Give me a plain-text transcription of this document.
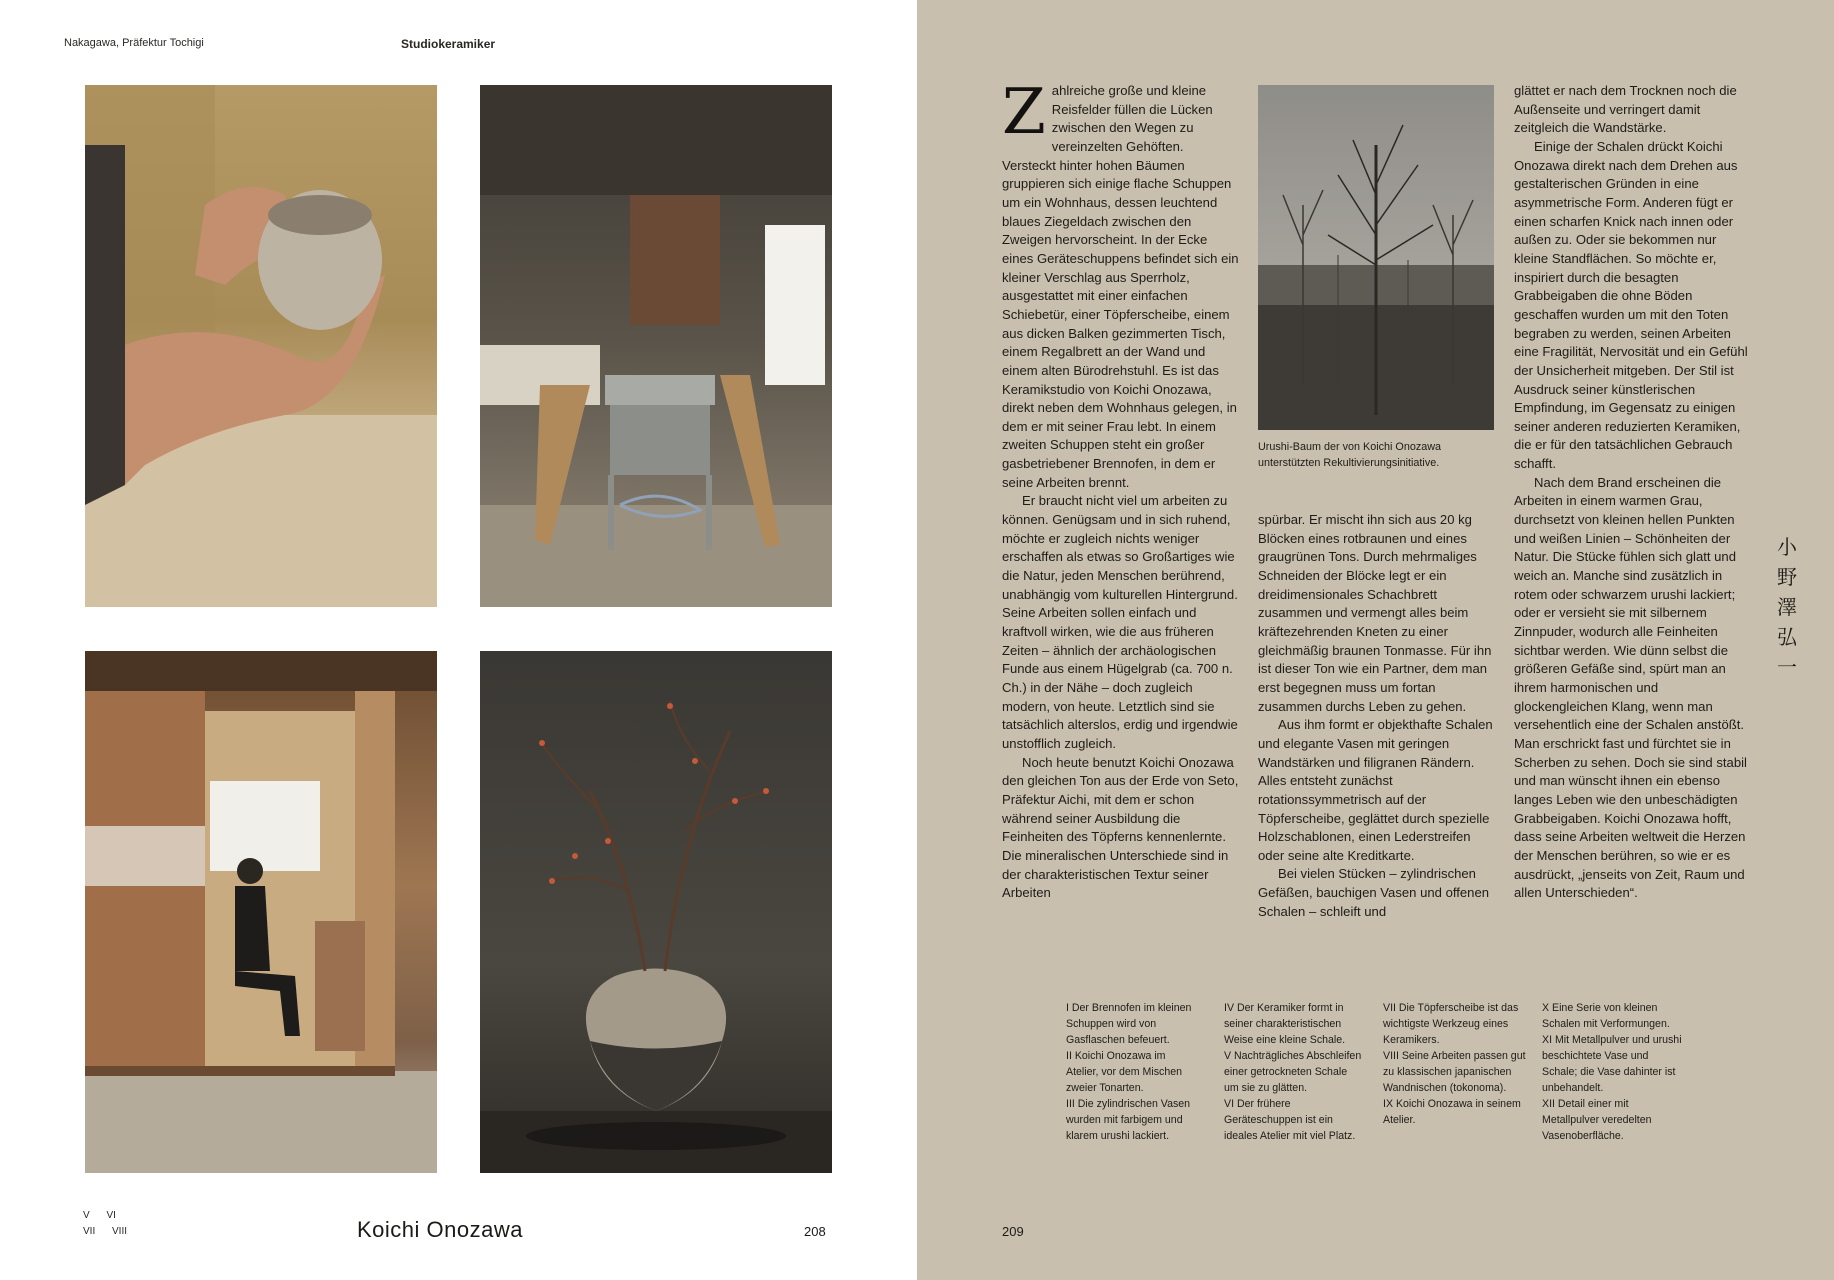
Nakagawa, Präfektur Tochigi	Studiokeramiker
V VI
VII VIII	Koichi Onozawa	208

Zahlreiche große und kleine Reisfelder füllen die Lücken zwischen den Wegen zu vereinzelten Gehöften. Versteckt hinter hohen Bäumen gruppieren sich einige flache Schuppen um ein Wohnhaus, dessen leuchtend blaues Ziegeldach zwischen den Zweigen hervorscheint. In der Ecke eines Geräteschuppens befindet sich ein kleiner Verschlag aus Sperrholz, ausgestattet mit einer einfachen Schiebetür, einer Töpferscheibe, einem aus dicken Balken gezimmerten Tisch, einem Regalbrett an der Wand und einem alten Bürodrehstuhl. Es ist das Keramikstudio von Koichi Onozawa, direkt neben dem Wohnhaus gelegen, in dem er mit seiner Frau lebt. In einem zweiten Schuppen steht ein großer gasbetriebener Brennofen, in dem er seine Arbeiten brennt.

Er braucht nicht viel um arbeiten zu können. Genügsam und in sich ruhend, möchte er zugleich nichts weniger erschaffen als etwas so Großartiges wie die Natur, jeden Menschen berührend, unabhängig vom kulturellen Hintergrund. Seine Arbeiten sollen einfach und kraftvoll wirken, wie die aus früheren Zeiten – ähnlich der archäologischen Funde aus einem Hügelgrab (ca. 700 n. Ch.) in der Nähe – doch zugleich modern, von heute. Letztlich sind sie tatsächlich alterslos, erdig und irgendwie unstofflich zugleich.

Noch heute benutzt Koichi Onozawa den gleichen Ton aus der Erde von Seto, Präfektur Aichi, mit dem er schon während seiner Ausbildung die Feinheiten des Töpferns kennenlernte. Die mineralischen Unterschiede sind in der charakteristischen Textur seiner Arbeiten

Urushi-Baum der von Koichi Onozawa unterstützten Rekultivierungsinitiative.

spürbar. Er mischt ihn sich aus 20 kg Blöcken eines rotbraunen und eines graugrünen Tons. Durch mehrmaliges Schneiden der Blöcke legt er ein dreidimensionales Schachbrett zusammen und vermengt alles beim kräftezehrenden Kneten zu einer gleichmäßig braunen Tonmasse. Für ihn ist dieser Ton wie ein Partner, dem man erst begegnen muss um fortan zusammen durchs Leben zu gehen.

Aus ihm formt er objekthafte Schalen und elegante Vasen mit geringen Wandstärken und filigranen Rändern. Alles entsteht zunächst rotationssymmetrisch auf der Töpferscheibe, geglättet durch spezielle Holzschablonen, einen Lederstreifen oder seine alte Kreditkarte.

Bei vielen Stücken – zylindrischen Gefäßen, bauchigen Vasen und offenen Schalen – schleift und

glättet er nach dem Trocknen noch die Außenseite und verringert damit zeitgleich die Wandstärke.

Einige der Schalen drückt Koichi Onozawa direkt nach dem Drehen aus gestalterischen Gründen in eine asymmetrische Form. Anderen fügt er einen scharfen Knick nach innen oder außen zu. Oder sie bekommen nur kleine Standflächen. So möchte er, inspiriert durch die besagten Grabbeigaben die ohne Böden geschaffen wurden um mit den Toten begraben zu werden, seinen Arbeiten eine Fragilität, Nervosität und ein Gefühl der Unsicherheit mitgeben. Der Stil ist Ausdruck seiner künstlerischen Empfindung, im Gegensatz zu einigen seiner anderen reduzierten Keramiken, die er für den tatsächlichen Gebrauch schafft.

Nach dem Brand erscheinen die Arbeiten in einem warmen Grau, durchsetzt von kleinen hellen Punkten und weißen Linien – Schönheiten der Natur. Die Stücke fühlen sich glatt und weich an. Manche sind zusätzlich in rotem oder schwarzem urushi lackiert; oder er versieht sie mit silbernem Zinnpuder, wodurch alle Feinheiten sichtbar werden. Wie dünn selbst die größeren Gefäße sind, spürt man an ihrem harmonischen und glockengleichen Klang, wenn man versehentlich eine der Schalen anstößt. Man erschrickt fast und fürchtet sie in Scherben zu sehen. Doch sie sind stabil und man wünscht ihnen ein ebenso langes Leben wie den unbeschädigten Grabbeigaben. Koichi Onozawa hofft, dass seine Arbeiten weltweit die Herzen der Menschen berühren, so wie er es ausdrückt, „jenseits von Zeit, Raum und allen Unterschieden“.

小
野
澤
弘
一

I Der Brennofen im kleinen Schuppen wird von Gasflaschen befeuert.

II Koichi Onozawa im Atelier, vor dem Mischen zweier Tonarten.

III Die zylindrischen Vasen wurden mit farbigem und klarem urushi lackiert.

IV Der Keramiker formt in seiner charakteristischen Weise eine kleine Schale.

V Nachträgliches Abschleifen einer getrockneten Schale um sie zu glätten.

VI Der frühere Geräteschuppen ist ein ideales Atelier mit viel Platz.

VII Die Töpferscheibe ist das wichtigste Werkzeug eines Keramikers.

VIII Seine Arbeiten passen gut zu klassischen japanischen Wandnischen (tokonoma).

IX Koichi Onozawa in seinem Atelier.

X Eine Serie von kleinen Schalen mit Verformungen.

XI Mit Metallpulver und urushi beschichtete Vase und Schale; die Vase dahinter ist unbehandelt.

XII Detail einer mit Metallpulver veredelten Vasenoberfläche.

209
